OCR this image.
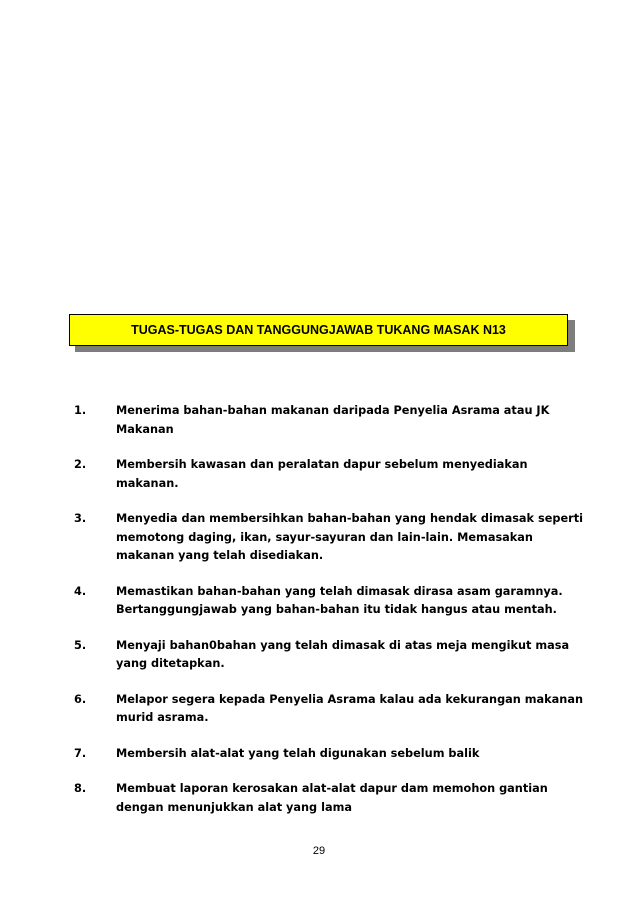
TUGAS-TUGAS DAN TANGGUNGJAWAB TUKANG MASAK N13
1.	Menerima bahan-bahan makanan daripada Penyelia Asrama atau JK
Makanan
2.	Membersih kawasan dan peralatan dapur sebelum menyediakan
makanan.
3.	Menyedia dan membersihkan bahan-bahan yang hendak dimasak seperti
memotong daging, ikan, sayur-sayuran dan lain-lain. Memasakan
makanan yang telah disediakan.
4.	Memastikan bahan-bahan yang telah dimasak dirasa asam garamnya.
Bertanggungjawab yang bahan-bahan itu tidak hangus atau mentah.
5.	Menyaji bahan0bahan yang telah dimasak di atas meja mengikut masa
yang ditetapkan.
6.	Melapor segera kepada Penyelia Asrama kalau ada kekurangan makanan
murid asrama.
7.	Membersih alat-alat yang telah digunakan sebelum balik
8.	Membuat laporan kerosakan alat-alat dapur dam memohon gantian
dengan menunjukkan alat yang lama
29
